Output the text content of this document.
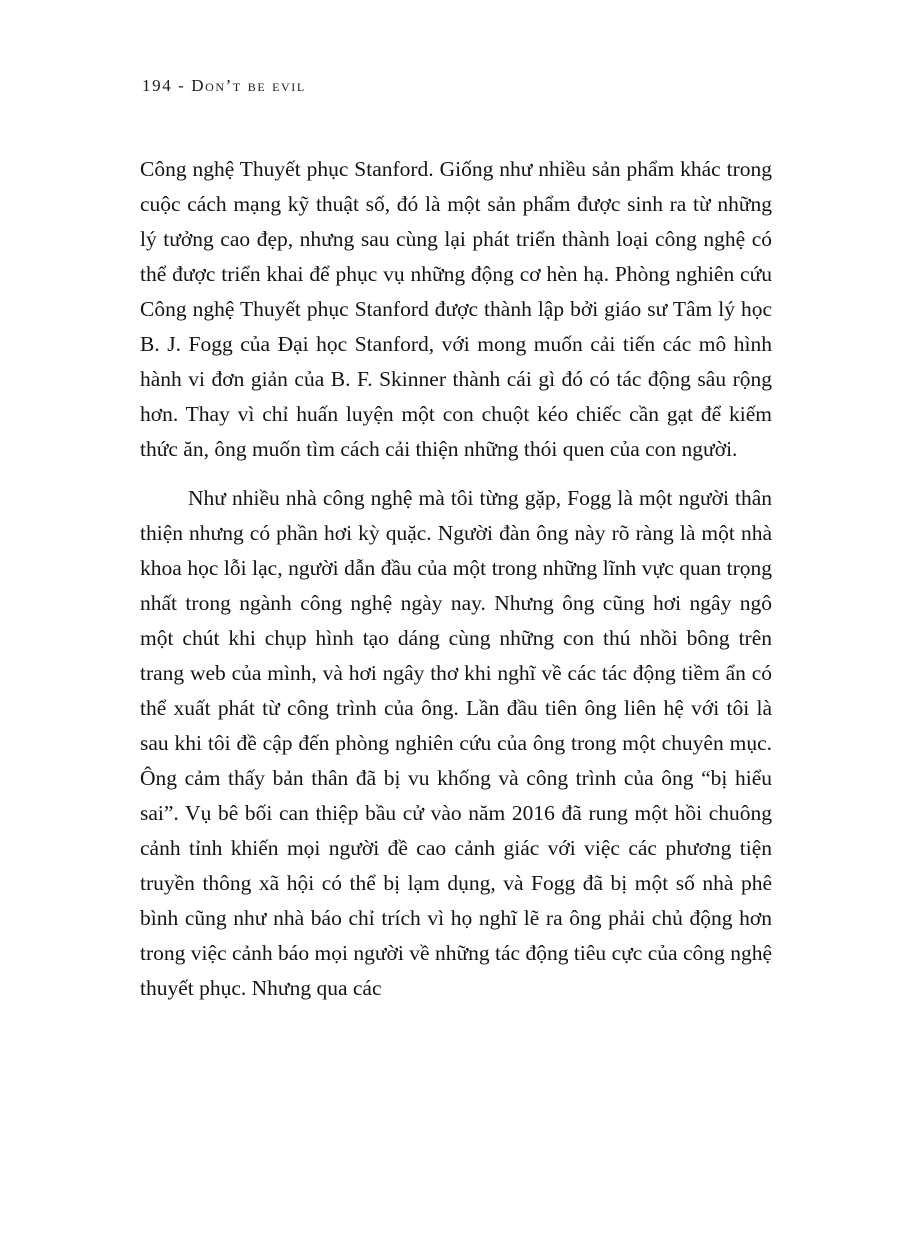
194 - Don’t be evil

Công nghệ Thuyết phục Stanford. Giống như nhiều sản phẩm khác trong cuộc cách mạng kỹ thuật số, đó là một sản phẩm được sinh ra từ những lý tưởng cao đẹp, nhưng sau cùng lại phát triển thành loại công nghệ có thể được triển khai để phục vụ những động cơ hèn hạ. Phòng nghiên cứu Công nghệ Thuyết phục Stanford được thành lập bởi giáo sư Tâm lý học B. J. Fogg của Đại học Stanford, với mong muốn cải tiến các mô hình hành vi đơn giản của B. F. Skinner thành cái gì đó có tác động sâu rộng hơn. Thay vì chỉ huấn luyện một con chuột kéo chiếc cần gạt để kiếm thức ăn, ông muốn tìm cách cải thiện những thói quen của con người.

Như nhiều nhà công nghệ mà tôi từng gặp, Fogg là một người thân thiện nhưng có phần hơi kỳ quặc. Người đàn ông này rõ ràng là một nhà khoa học lỗi lạc, người dẫn đầu của một trong những lĩnh vực quan trọng nhất trong ngành công nghệ ngày nay. Nhưng ông cũng hơi ngây ngô một chút khi chụp hình tạo dáng cùng những con thú nhồi bông trên trang web của mình, và hơi ngây thơ khi nghĩ về các tác động tiềm ẩn có thể xuất phát từ công trình của ông. Lần đầu tiên ông liên hệ với tôi là sau khi tôi đề cập đến phòng nghiên cứu của ông trong một chuyên mục. Ông cảm thấy bản thân đã bị vu khống và công trình của ông “bị hiểu sai”. Vụ bê bối can thiệp bầu cử vào năm 2016 đã rung một hồi chuông cảnh tỉnh khiến mọi người đề cao cảnh giác với việc các phương tiện truyền thông xã hội có thể bị lạm dụng, và Fogg đã bị một số nhà phê bình cũng như nhà báo chỉ trích vì họ nghĩ lẽ ra ông phải chủ động hơn trong việc cảnh báo mọi người về những tác động tiêu cực của công nghệ thuyết phục. Nhưng qua các
